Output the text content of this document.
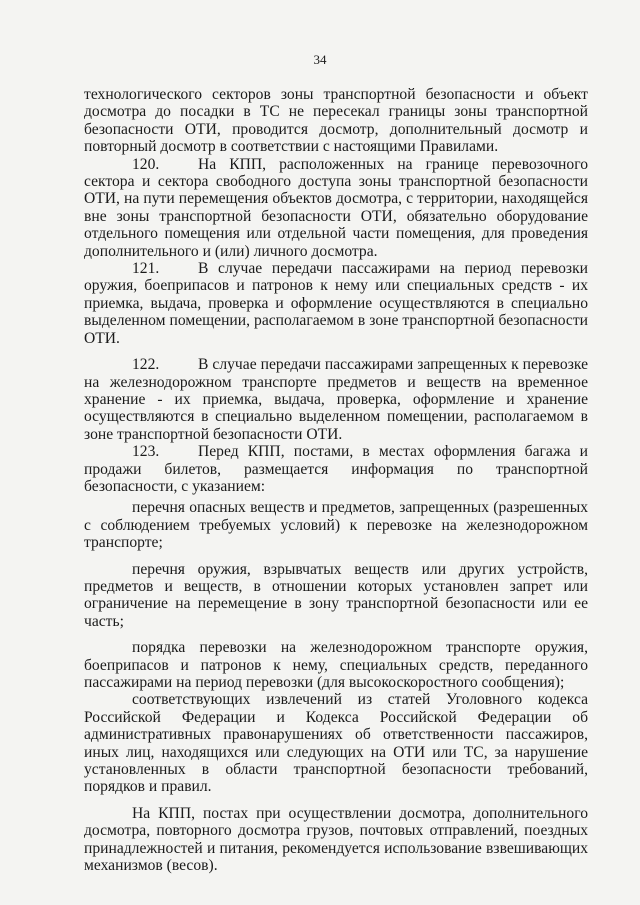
34

технологического секторов зоны транспортной безопасности и объект досмотра до посадки в ТС не пересекал границы зоны транспортной безопасности ОТИ, проводится досмотр, дополнительный досмотр и повторный досмотр в соответствии с настоящими Правилами.

120. На КПП, расположенных на границе перевозочного сектора и сектора свободного доступа зоны транспортной безопасности ОТИ, на пути перемещения объектов досмотра, с территории, находящейся вне зоны транспортной безопасности ОТИ, обязательно оборудование отдельного помещения или отдельной части помещения, для проведения дополнительного и (или) личного досмотра.

121. В случае передачи пассажирами на период перевозки оружия, боеприпасов и патронов к нему или специальных средств - их приемка, выдача, проверка и оформление осуществляются в специально выделенном помещении, располагаемом в зоне транспортной безопасности ОТИ.

122. В случае передачи пассажирами запрещенных к перевозке на железнодорожном транспорте предметов и веществ на временное хранение - их приемка, выдача, проверка, оформление и хранение осуществляются в специально выделенном помещении, располагаемом в зоне транспортной безопасности ОТИ.

123. Перед КПП, постами, в местах оформления багажа и продажи билетов, размещается информация по транспортной безопасности, с указанием:

перечня опасных веществ и предметов, запрещенных (разрешенных с соблюдением требуемых условий) к перевозке на железнодорожном транспорте;

перечня оружия, взрывчатых веществ или других устройств, предметов и веществ, в отношении которых установлен запрет или ограничение на перемещение в зону транспортной безопасности или ее часть;

порядка перевозки на железнодорожном транспорте оружия, боеприпасов и патронов к нему, специальных средств, переданного пассажирами на период перевозки (для высокоскоростного сообщения);

соответствующих извлечений из статей Уголовного кодекса Российской Федерации и Кодекса Российской Федерации об административных правонарушениях об ответственности пассажиров, иных лиц, находящихся или следующих на ОТИ или ТС, за нарушение установленных в области транспортной безопасности требований, порядков и правил.

На КПП, постах при осуществлении досмотра, дополнительного досмотра, повторного досмотра грузов, почтовых отправлений, поездных принадлежностей и питания, рекомендуется использование взвешивающих механизмов (весов).
